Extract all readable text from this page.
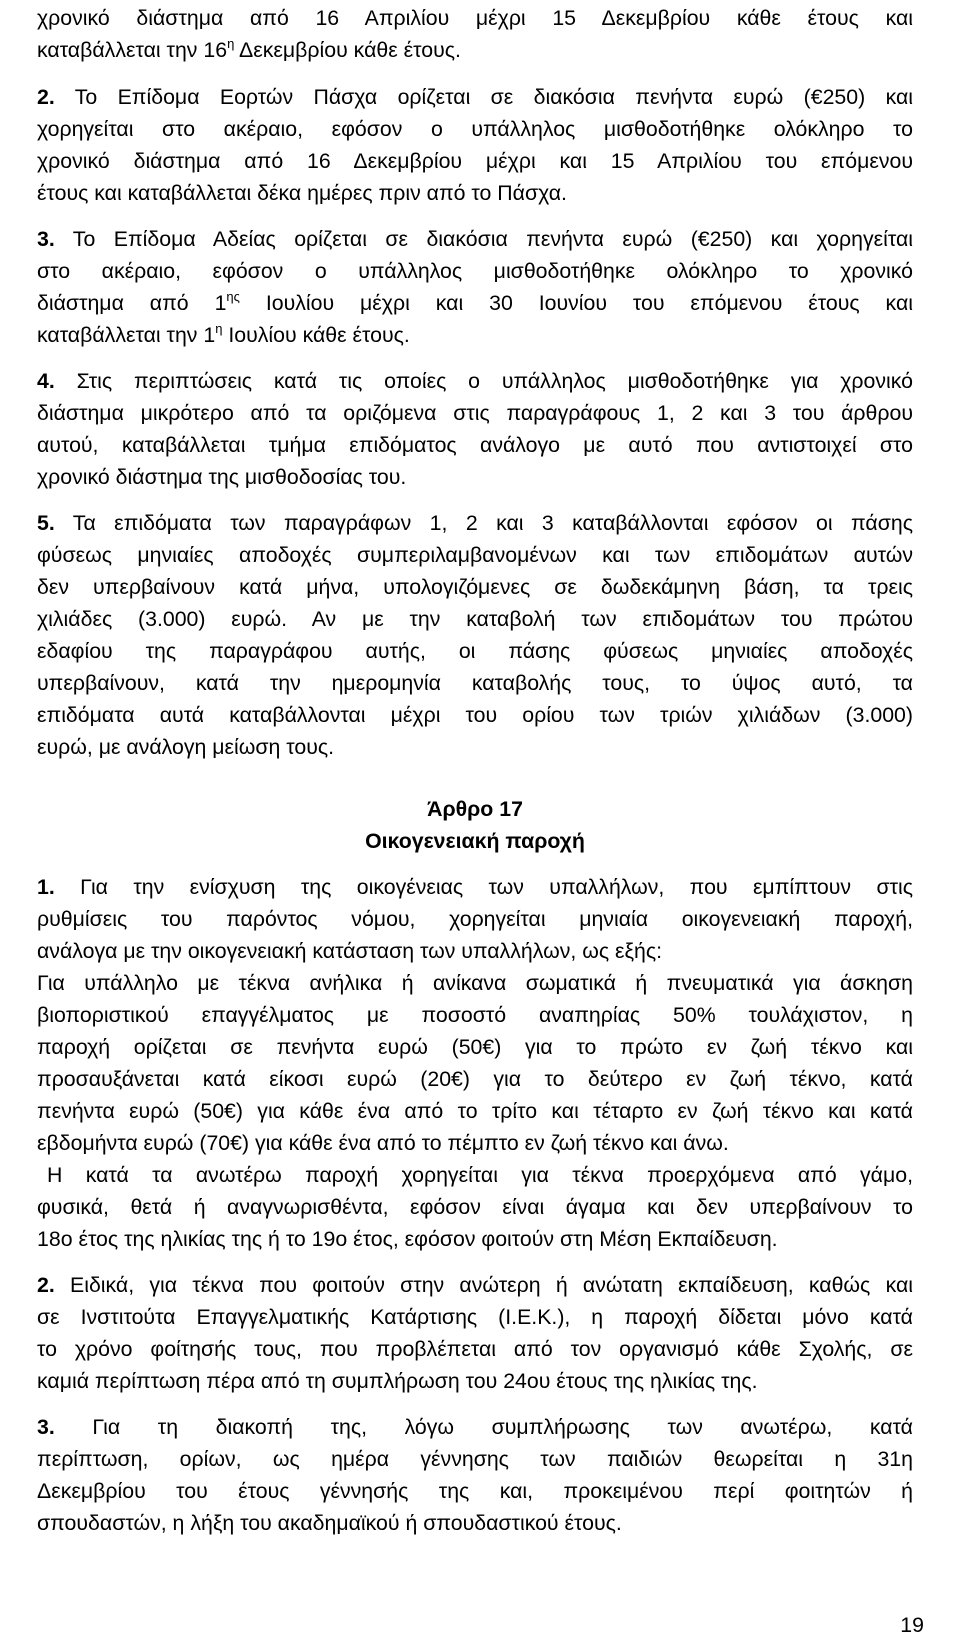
χρονικό διάστημα από 16 Απριλίου μέχρι 15 Δεκεμβρίου κάθε έτους και
καταβάλλεται την $16^\eta$ Δεκεμβρίου κάθε έτους.
2. Το Επίδομα Εορτών Πάσχα ορίζεται σε διακόσια πενήντα ευρώ (€250) και
χορηγείται στο ακέραιο, εφόσον ο υπάλληλος μισθοδοτήθηκε ολόκληρο το
χρονικό διάστημα από 16 Δεκεμβρίου μέχρι και 15 Απριλίου του επόμενου
έτους και καταβάλλεται δέκα ημέρες πριν από το Πάσχα.
3. Το Επίδομα Αδείας ορίζεται σε διακόσια πενήντα ευρώ (€250) και χορηγείται
στο ακέραιο, εφόσον ο υπάλληλος μισθοδοτήθηκε ολόκληρο το χρονικό
διάστημα από $1^{\eta\varsigma}$ Ιουλίου μέχρι και 30 Ιουνίου του επόμενου έτους και
καταβάλλεται την $1^\eta$ Ιουλίου κάθε έτους.
4. Στις περιπτώσεις κατά τις οποίες ο υπάλληλος μισθοδοτήθηκε για χρονικό
διάστημα μικρότερο από τα οριζόμενα στις παραγράφους 1, 2 και 3 του άρθρου
αυτού, καταβάλλεται τμήμα επιδόματος ανάλογο με αυτό που αντιστοιχεί στο
χρονικό διάστημα της μισθοδοσίας του.
5. Τα επιδόματα των παραγράφων 1, 2 και 3 καταβάλλονται εφόσον οι πάσης
φύσεως μηνιαίες αποδοχές συμπεριλαμβανομένων και των επιδομάτων αυτών
δεν υπερβαίνουν κατά μήνα, υπολογιζόμενες σε δωδεκάμηνη βάση, τα τρεις
χιλιάδες (3.000) ευρώ. Αν με την καταβολή των επιδομάτων του πρώτου
εδαφίου της παραγράφου αυτής, οι πάσης φύσεως μηνιαίες αποδοχές
υπερβαίνουν, κατά την ημερομηνία καταβολής τους, το ύψος αυτό, τα
επιδόματα αυτά καταβάλλονται μέχρι του ορίου των τριών χιλιάδων (3.000)
ευρώ, με ανάλογη μείωση τους.
Άρθρο 17
Οικογενειακή παροχή
1. Για την ενίσχυση της οικογένειας των υπαλλήλων, που εμπίπτουν στις
ρυθμίσεις του παρόντος νόμου, χορηγείται μηνιαία οικογενειακή παροχή,
ανάλογα με την οικογενειακή κατάσταση των υπαλλήλων, ως εξής:
Για υπάλληλο με τέκνα ανήλικα ή ανίκανα σωματικά ή πνευματικά για άσκηση
βιοποριστικού επαγγέλματος με ποσοστό αναπηρίας 50% τουλάχιστον, η
παροχή ορίζεται σε πενήντα ευρώ (50€) για το πρώτο εν ζωή τέκνο και
προσαυξάνεται κατά είκοσι ευρώ (20€) για το δεύτερο εν ζωή τέκνο, κατά
πενήντα ευρώ (50€) για κάθε ένα από το τρίτο και τέταρτο εν ζωή τέκνο και κατά
εβδομήντα ευρώ (70€) για κάθε ένα από το πέμπτο εν ζωή τέκνο και άνω.
Η κατά τα ανωτέρω παροχή χορηγείται για τέκνα προερχόμενα από γάμο,
φυσικά, θετά ή αναγνωρισθέντα, εφόσον είναι άγαμα και δεν υπερβαίνουν το
18ο έτος της ηλικίας της ή το 19ο έτος, εφόσον φοιτούν στη Μέση Εκπαίδευση.
2. Ειδικά, για τέκνα που φοιτούν στην ανώτερη ή ανώτατη εκπαίδευση, καθώς και
σε Ινστιτούτα Επαγγελματικής Κατάρτισης (Ι.Ε.Κ.), η παροχή δίδεται μόνο κατά
το χρόνο φοίτησής τους, που προβλέπεται από τον οργανισμό κάθε Σχολής, σε
καμιά περίπτωση πέρα από τη συμπλήρωση του 24ου έτους της ηλικίας της.
3. Για τη διακοπή της, λόγω συμπλήρωσης των ανωτέρω, κατά
περίπτωση, ορίων, ως ημέρα γέννησης των παιδιών θεωρείται η 31η
Δεκεμβρίου του έτους γέννησής της και, προκειμένου περί φοιτητών ή
σπουδαστών, η λήξη του ακαδημαϊκού ή σπουδαστικού έτους.
19
